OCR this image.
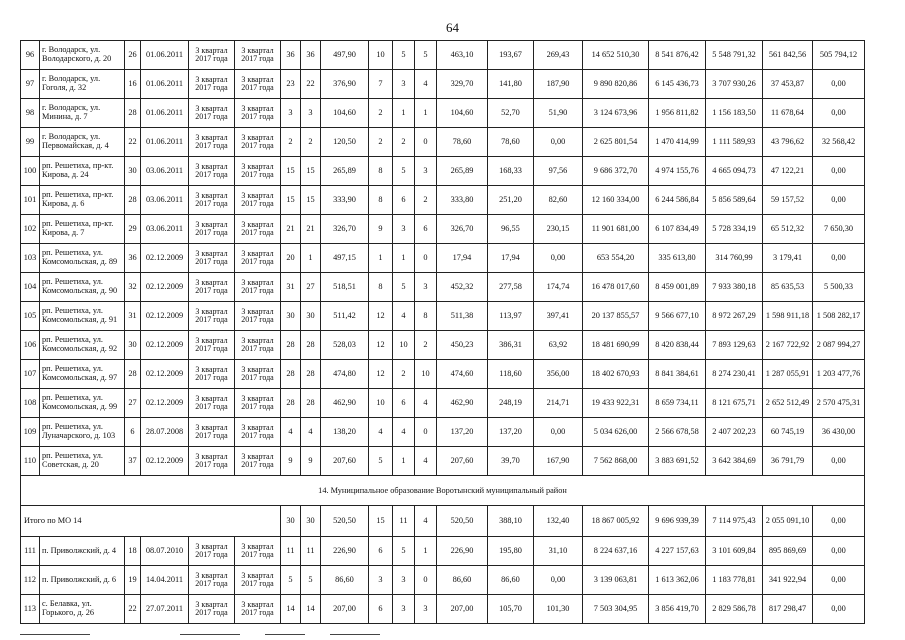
64
96	г. Володарск, ул. Володарского, д. 20	26	01.06.2011	3 квартал 2017 года	3 квартал 2017 года	36	36	497,90	10	5	5	463,10	193,67	269,43	14 652 510,30	8 541 876,42	5 548 791,32	561 842,56	505 794,12
97	г. Володарск, ул. Гоголя, д. 32	16	01.06.2011	3 квартал 2017 года	3 квартал 2017 года	23	22	376,90	7	3	4	329,70	141,80	187,90	9 890 820,86	6 145 436,73	3 707 930,26	37 453,87	0,00
98	г. Володарск, ул. Минина, д. 7	28	01.06.2011	3 квартал 2017 года	3 квартал 2017 года	3	3	104,60	2	1	1	104,60	52,70	51,90	3 124 673,96	1 956 811,82	1 156 183,50	11 678,64	0,00
99	г. Володарск, ул. Первомайская, д. 4	22	01.06.2011	3 квартал 2017 года	3 квартал 2017 года	2	2	120,50	2	2	0	78,60	78,60	0,00	2 625 801,54	1 470 414,99	1 111 589,93	43 796,62	32 568,42
100	рп. Решетиха, пр-кт. Кирова, д. 24	30	03.06.2011	3 квартал 2017 года	3 квартал 2017 года	15	15	265,89	8	5	3	265,89	168,33	97,56	9 686 372,70	4 974 155,76	4 665 094,73	47 122,21	0,00
101	рп. Решетиха, пр-кт. Кирова, д. 6	28	03.06.2011	3 квартал 2017 года	3 квартал 2017 года	15	15	333,90	8	6	2	333,80	251,20	82,60	12 160 334,00	6 244 586,84	5 856 589,64	59 157,52	0,00
102	рп. Решетиха, пр-кт. Кирова, д. 7	29	03.06.2011	3 квартал 2017 года	3 квартал 2017 года	21	21	326,70	9	3	6	326,70	96,55	230,15	11 901 681,00	6 107 834,49	5 728 334,19	65 512,32	7 650,30
103	рп. Решетиха, ул. Комсомольская, д. 89	36	02.12.2009	3 квартал 2017 года	3 квартал 2017 года	20	1	497,15	1	1	0	17,94	17,94	0,00	653 554,20	335 613,80	314 760,99	3 179,41	0,00
104	рп. Решетиха, ул. Комсомольская, д. 90	32	02.12.2009	3 квартал 2017 года	3 квартал 2017 года	31	27	518,51	8	5	3	452,32	277,58	174,74	16 478 017,60	8 459 001,89	7 933 380,18	85 635,53	5 500,33
105	рп. Решетиха, ул. Комсомольская, д. 91	31	02.12.2009	3 квартал 2017 года	3 квартал 2017 года	30	30	511,42	12	4	8	511,38	113,97	397,41	20 137 855,57	9 566 677,10	8 972 267,29	1 598 911,18	1 508 282,17
106	рп. Решетиха, ул. Комсомольская, д. 92	30	02.12.2009	3 квартал 2017 года	3 квартал 2017 года	28	28	528,03	12	10	2	450,23	386,31	63,92	18 481 690,99	8 420 838,44	7 893 129,63	2 167 722,92	2 087 994,27
107	рп. Решетиха, ул. Комсомольская, д. 97	28	02.12.2009	3 квартал 2017 года	3 квартал 2017 года	28	28	474,80	12	2	10	474,60	118,60	356,00	18 402 670,93	8 841 384,61	8 274 230,41	1 287 055,91	1 203 477,76
108	рп. Решетиха, ул. Комсомольская, д. 99	27	02.12.2009	3 квартал 2017 года	3 квартал 2017 года	28	28	462,90	10	6	4	462,90	248,19	214,71	19 433 922,31	8 659 734,11	8 121 675,71	2 652 512,49	2 570 475,31
109	рп. Решетиха, ул. Луначарского, д. 103	6	28.07.2008	3 квартал 2017 года	3 квартал 2017 года	4	4	138,20	4	4	0	137,20	137,20	0,00	5 034 626,00	2 566 678,58	2 407 202,23	60 745,19	36 430,00
110	рп. Решетиха, ул. Советская, д. 20	37	02.12.2009	3 квартал 2017 года	3 квартал 2017 года	9	9	207,60	5	1	4	207,60	39,70	167,90	7 562 868,00	3 883 691,52	3 642 384,69	36 791,79	0,00
14. Муниципальное образование Воротынский муниципальный район																			
Итого по МО 14						30	30	520,50	15	11	4	520,50	388,10	132,40	18 867 005,92	9 696 939,39	7 114 975,43	2 055 091,10	0,00
111	п. Приволжский, д. 4	18	08.07.2010	3 квартал 2017 года	3 квартал 2017 года	11	11	226,90	6	5	1	226,90	195,80	31,10	8 224 637,16	4 227 157,63	3 101 609,84	895 869,69	0,00
112	п. Приволжский, д. 6	19	14.04.2011	3 квартал 2017 года	3 квартал 2017 года	5	5	86,60	3	3	0	86,60	86,60	0,00	3 139 063,81	1 613 362,06	1 183 778,81	341 922,94	0,00
113	с. Белавка, ул. Горького, д. 26	22	27.07.2011	3 квартал 2017 года	3 квартал 2017 года	14	14	207,00	6	3	3	207,00	105,70	101,30	7 503 304,95	3 856 419,70	2 829 586,78	817 298,47	0,00
